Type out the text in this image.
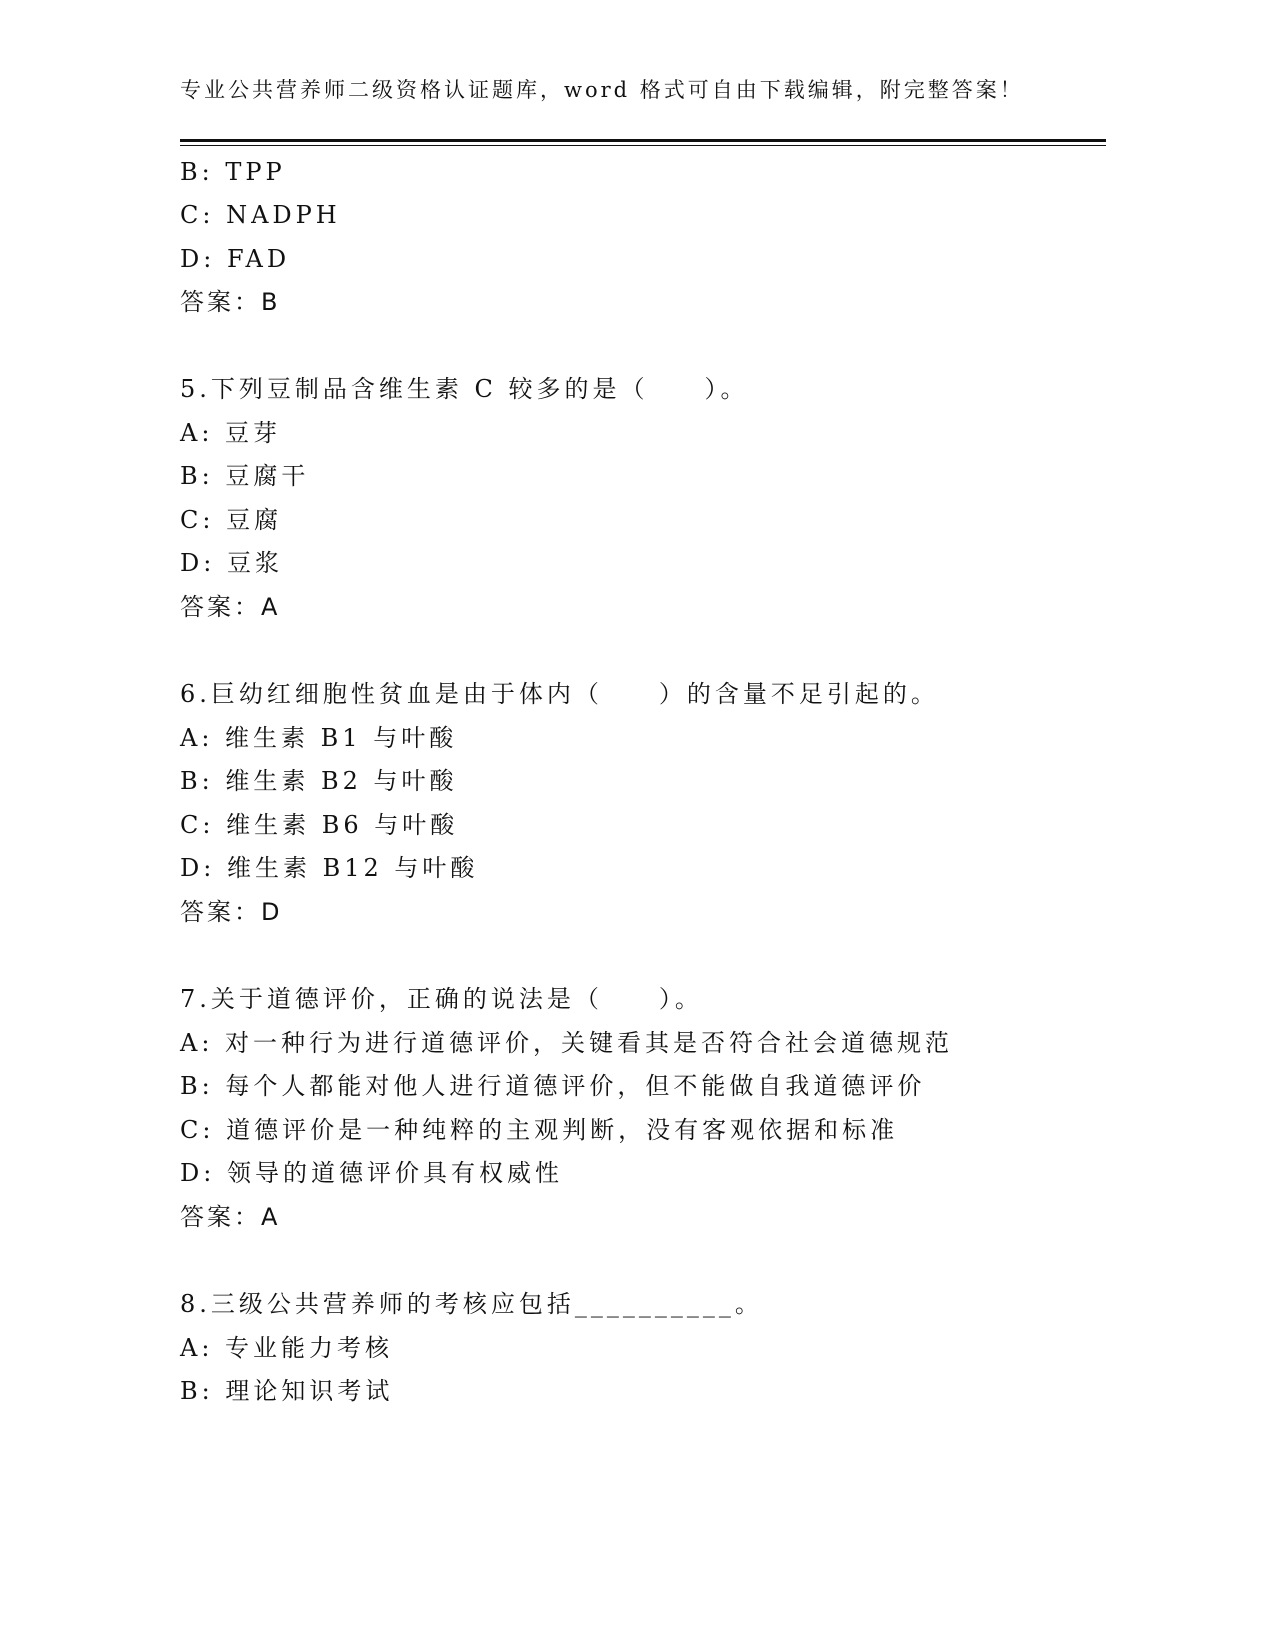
专业公共营养师二级资格认证题库，word 格式可自由下载编辑，附完整答案！
B: TPP
C: NADPH
D: FAD
答案：B
5.下列豆制品含维生素 C 较多的是（　　）。
A: 豆芽
B: 豆腐干
C: 豆腐
D: 豆浆
答案：A
6.巨幼红细胞性贫血是由于体内（　　）的含量不足引起的。
A: 维生素 B1 与叶酸
B: 维生素 B2 与叶酸
C: 维生素 B6 与叶酸
D: 维生素 B12 与叶酸
答案：D
7.关于道德评价，正确的说法是（　　）。
A: 对一种行为进行道德评价，关键看其是否符合社会道德规范
B: 每个人都能对他人进行道德评价，但不能做自我道德评价
C: 道德评价是一种纯粹的主观判断，没有客观依据和标准
D: 领导的道德评价具有权威性
答案：A
8.三级公共营养师的考核应包括__________。
A: 专业能力考核
B: 理论知识考试
